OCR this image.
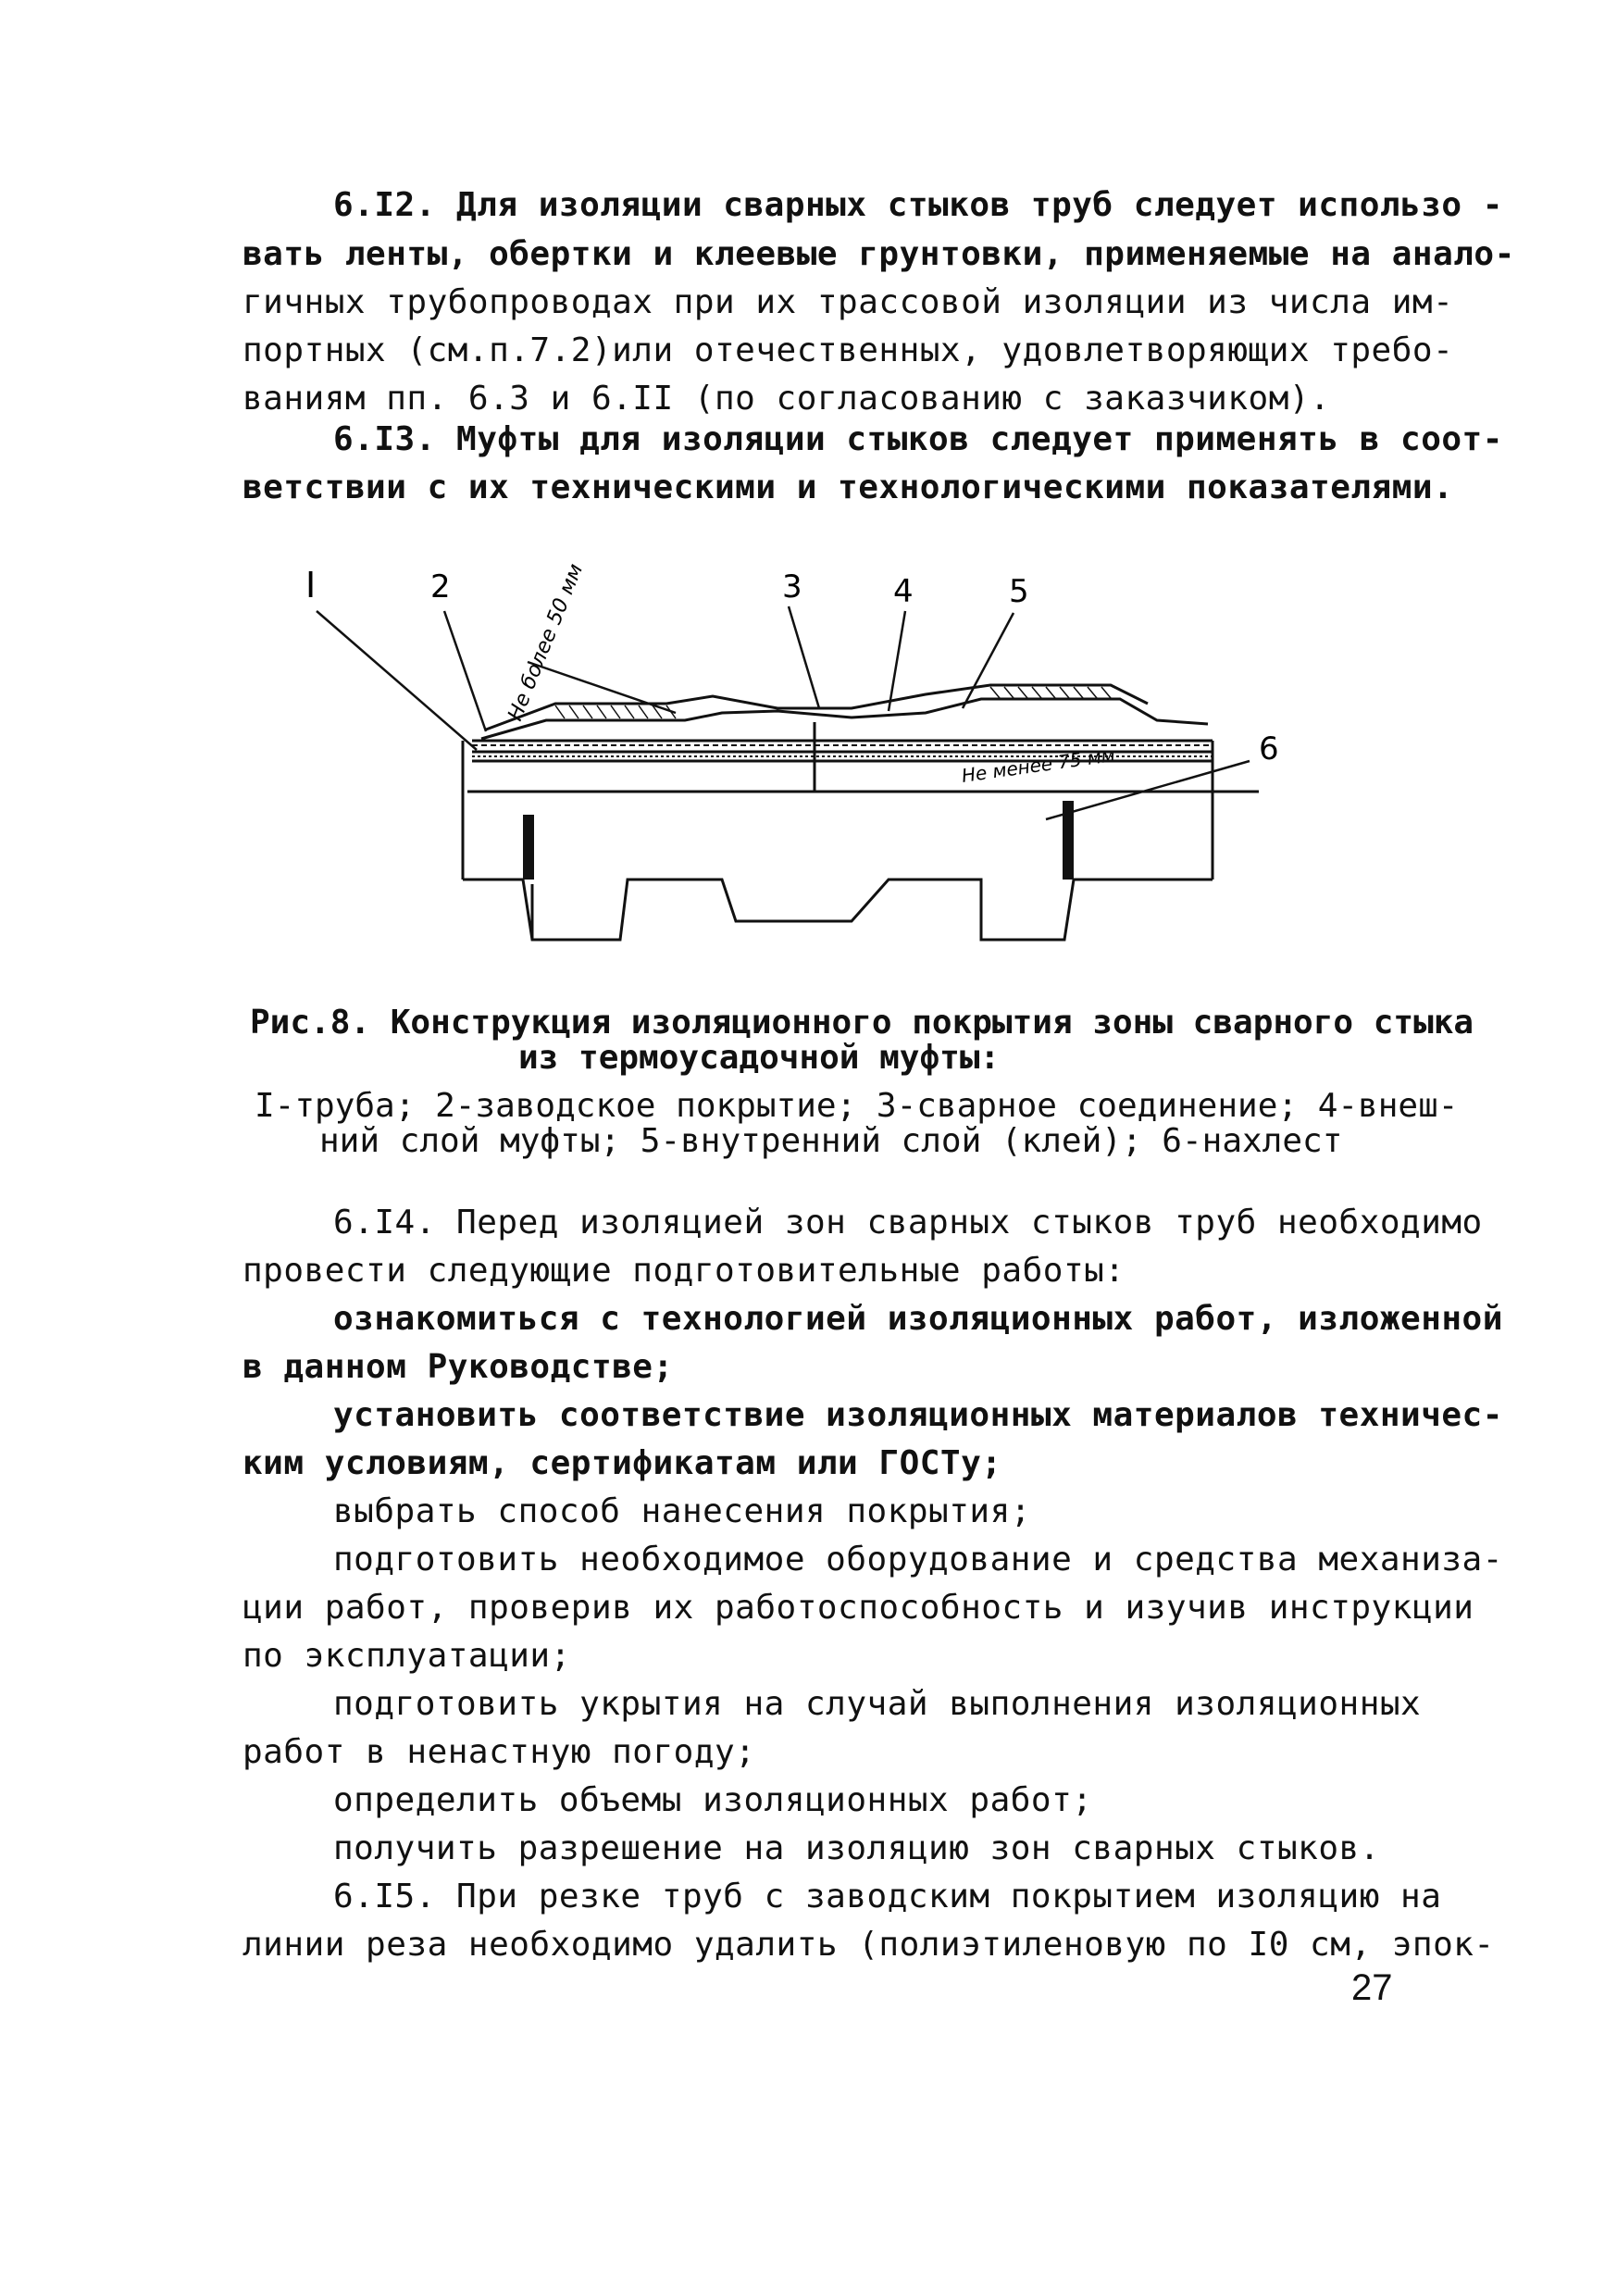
6.I2. Для изоляции сварных стыков труб следует использо -
вать ленты, обертки и клеевые грунтовки, применяемые на анало-
гичных трубопроводах при их трассовой изоляции из числа им-
портных (см.п.7.2)или отечественных, удовлетворяющих требо-
ваниям пп. 6.3 и 6.II (по согласованию с заказчиком).
6.I3. Муфты для изоляции стыков следует применять в соот-
ветствии с их техническими и технологическими показателями.
I	2	3	4	5
6
Не более 50 мм
Не менее 75 мм
Рис.8. Конструкция изоляционного покрытия зоны сварного стыка
из термоусадочной муфты:
I-труба; 2-заводское покрытие; 3-сварное соединение; 4-внеш-
ний слой муфты; 5-внутренний слой (клей); 6-нахлест
6.I4. Перед изоляцией зон сварных стыков труб необходимо
провести следующие подготовительные работы:
ознакомиться с технологией изоляционных работ, изложенной
в данном Руководстве;
установить соответствие изоляционных материалов техничес-
ким условиям, сертификатам или ГОСТу;
выбрать способ нанесения покрытия;
подготовить необходимое оборудование и средства механиза-
ции работ, проверив их работоспособность и изучив инструкции
по эксплуатации;
подготовить укрытия на случай выполнения изоляционных
работ в ненастную погоду;
определить объемы изоляционных работ;
получить разрешение на изоляцию зон сварных стыков.
6.I5. При резке труб с заводским покрытием изоляцию на
линии реза необходимо удалить (полиэтиленовую по I0 см, эпок-
27
